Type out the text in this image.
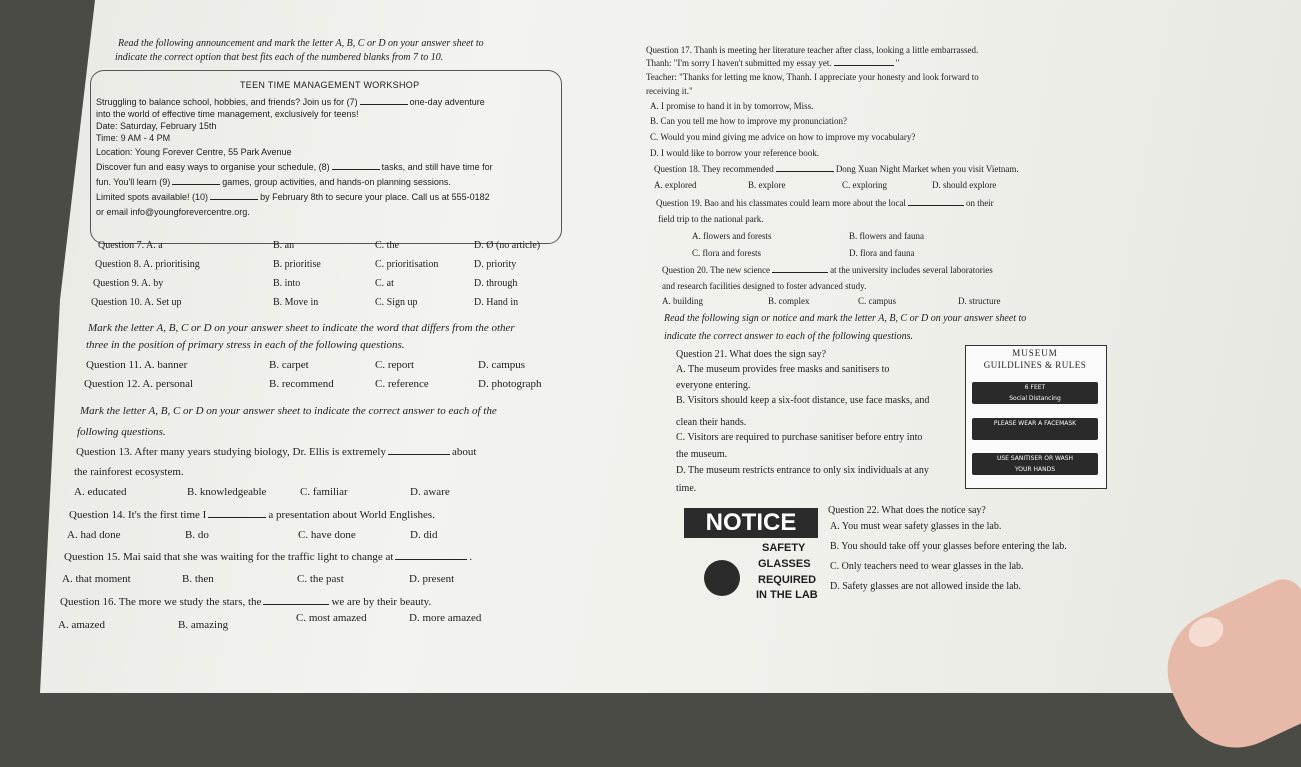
Read the following announcement and mark the letter A, B, C or D on your answer sheet to
indicate the correct option that best fits each of the numbered blanks from 7 to 10.
TEEN TIME MANAGEMENT WORKSHOP
Struggling to balance school, hobbies, and friends? Join us for (7)	one-day adventure
into the world of effective time management, exclusively for teens!
Date: Saturday, February 15th
Time: 9 AM - 4 PM
Location: Young Forever Centre, 55 Park Avenue
Discover fun and easy ways to organise your schedule, (8)	tasks, and still have time for
fun. You'll learn (9)	games, group activities, and hands-on planning sessions.
Limited spots available! (10)	by February 8th to secure your place. Call us at 555-0182
or email info@youngforevercentre.org.
Question 7. A. a	B. an	C. the	D. Ø (no article)
Question 8. A. prioritising	B. prioritise	C. prioritisation	D. priority
Question 9. A. by	B. into	C. at	D. through
Question 10. A. Set up	B. Move in	C. Sign up	D. Hand in
Mark the letter A, B, C or D on your answer sheet to indicate the word that differs from the other
three in the position of primary stress in each of the following questions.
Question 11. A. banner	B. carpet	C. report	D. campus
Question 12. A. personal	B. recommend	C. reference	D. photograph
Mark the letter A, B, C or D on your answer sheet to indicate the correct answer to each of the
following questions.
Question 13. After many years studying biology, Dr. Ellis is extremely	about
the rainforest ecosystem.
A. educated	B. knowledgeable	C. familiar	D. aware
Question 14. It's the first time I	a presentation about World Englishes.
A. had done	B. do	C. have done	D. did
Question 15. Mai said that she was waiting for the traffic light to change at	.
A. that moment	B. then	C. the past	D. present
Question 16. The more we study the stars, the	we are by their beauty.
A. amazed	B. amazing
C. most amazed	D. more amazed
Question 17. Thanh is meeting her literature teacher after class, looking a little embarrassed.
Thanh: "I'm sorry I haven't submitted my essay yet.	"
Teacher: "Thanks for letting me know, Thanh. I appreciate your honesty and look forward to
receiving it."
A. I promise to hand it in by tomorrow, Miss.
B. Can you tell me how to improve my pronunciation?
C. Would you mind giving me advice on how to improve my vocabulary?
D. I would like to borrow your reference book.
Question 18. They recommended	Dong Xuan Night Market when you visit Vietnam.
A. explored	B. explore	C. exploring	D. should explore
Question 19. Bao and his classmates could learn more about the local	on their
field trip to the national park.
A. flowers and forests	B. flowers and fauna
C. flora and forests	D. flora and fauna
Question 20. The new science	at the university includes several laboratories
and research facilities designed to foster advanced study.
A. building	B. complex	C. campus	D. structure
Read the following sign or notice and mark the letter A, B, C or D on your answer sheet to
indicate the correct answer to each of the following questions.
Question 21. What does the sign say?
A. The museum provides free masks and sanitisers to
everyone entering.
B. Visitors should keep a six-foot distance, use face masks, and
clean their hands.
C. Visitors are required to purchase sanitiser before entry into
the museum.
D. The museum restricts entrance to only six individuals at any
time.
MUSEUM
GUILDLINES & RULES
6 FEET
Social Distancing
PLEASE WEAR A FACEMASK
USE SANITISER OR WASH YOUR HANDS
NOTICE
SAFETY
GLASSES
REQUIRED
IN THE LAB
Question 22. What does the notice say?
A. You must wear safety glasses in the lab.
B. You should take off your glasses before entering the lab.
C. Only teachers need to wear glasses in the lab.
D. Safety glasses are not allowed inside the lab.
